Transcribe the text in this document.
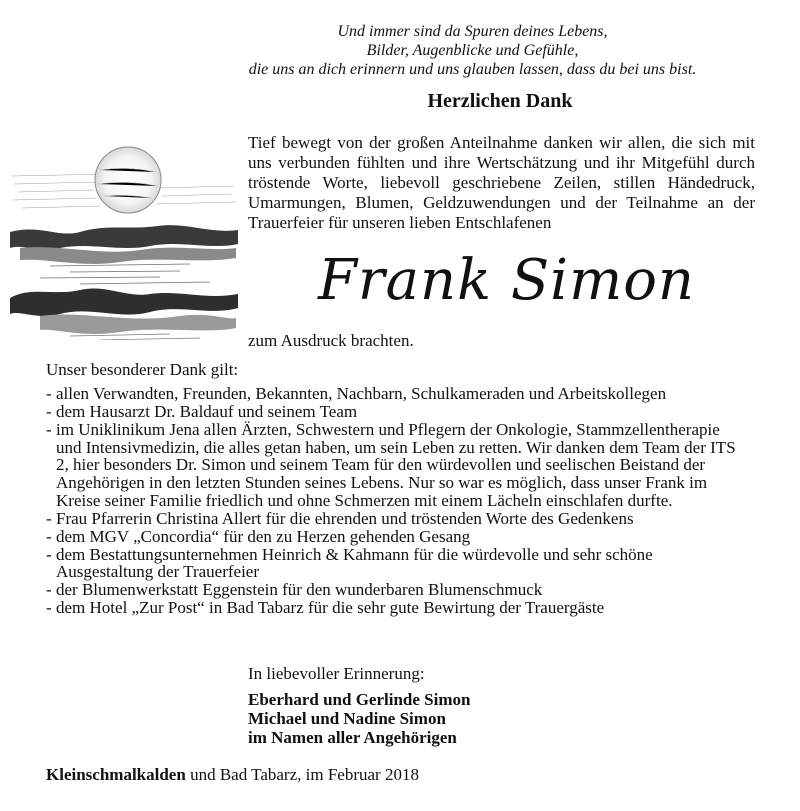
Und immer sind da Spuren deines Lebens,
Bilder, Augenblicke und Gefühle,
die uns an dich erinnern und uns glauben lassen, dass du bei uns bist.
Herzlichen Dank
Tief bewegt von der großen Anteilnahme danken wir allen, die sich mit uns verbunden fühlten und ihre Wertschätzung und ihr Mitgefühl durch tröstende Worte, liebevoll geschriebene Zeilen, stillen Händedruck, Umarmungen, Blumen, Geldzuwendungen und der Teilnahme an der Trauerfeier für unseren lieben Entschlafenen
Frank Simon
zum Ausdruck brachten.
Unser besonderer Dank gilt:
- allen Verwandten, Freunden, Bekannten, Nachbarn, Schulkameraden und Arbeitskollegen
- dem Hausarzt Dr. Baldauf und seinem Team
- im Uniklinikum Jena allen Ärzten, Schwestern und Pflegern der Onkologie, Stammzellentherapie und Intensivmedizin, die alles getan haben, um sein Leben zu retten. Wir danken dem Team der ITS 2, hier besonders Dr. Simon und seinem Team für den würdevollen und seelischen Beistand der Angehörigen in den letzten Stunden seines Lebens. Nur so war es möglich, dass unser Frank im Kreise seiner Familie friedlich und ohne Schmerzen mit einem Lächeln einschlafen durfte.
- Frau Pfarrerin Christina Allert für die ehrenden und tröstenden Worte des Gedenkens
- dem MGV „Concordia“ für den zu Herzen gehenden Gesang
- dem Bestattungsunternehmen Heinrich & Kahmann für die würdevolle und sehr schöne Ausgestaltung der Trauerfeier
- der Blumenwerkstatt Eggenstein für den wunderbaren Blumenschmuck
- dem Hotel „Zur Post“ in Bad Tabarz für die sehr gute Bewirtung der Trauergäste
In liebevoller Erinnerung:
Eberhard und Gerlinde Simon
Michael und Nadine Simon
im Namen aller Angehörigen
Kleinschmalkalden und Bad Tabarz, im Februar 2018
